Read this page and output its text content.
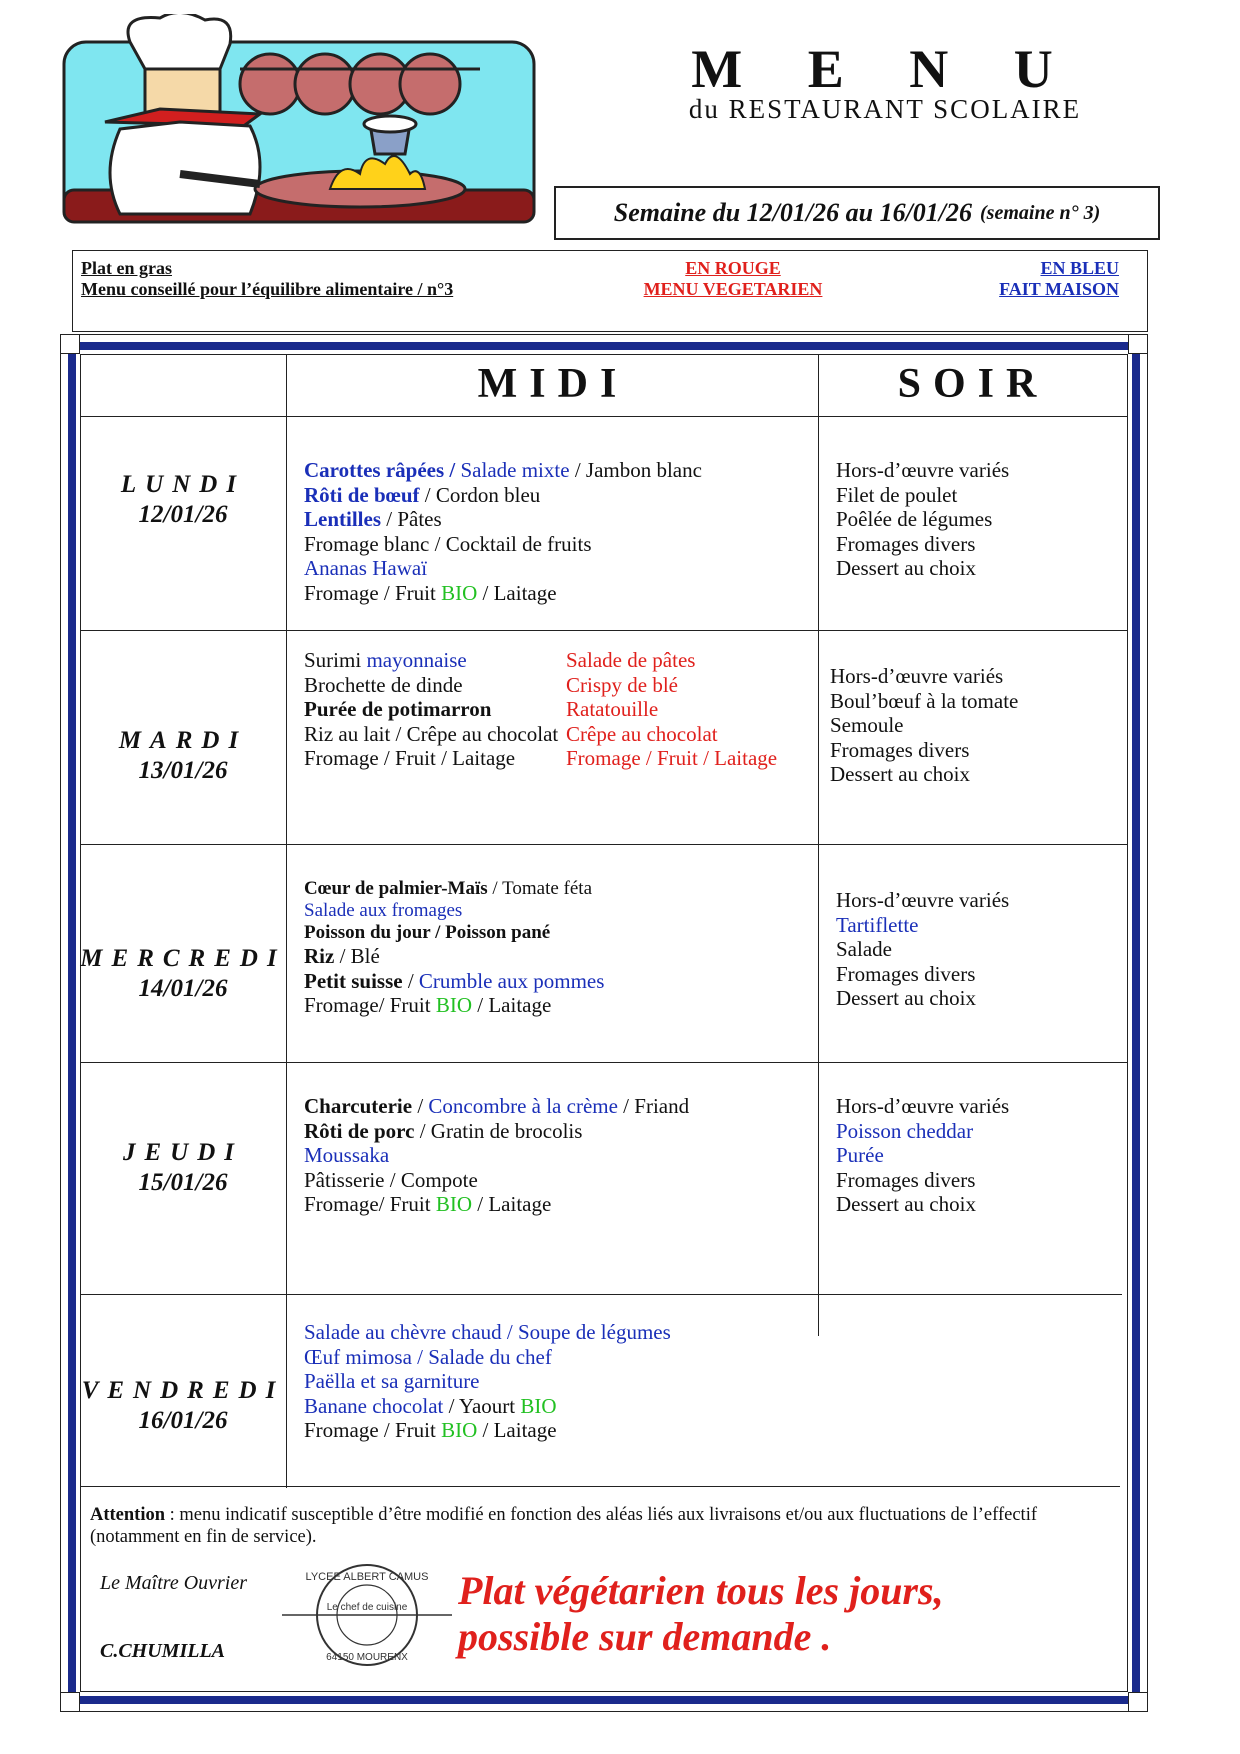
M E N U
du RESTAURANT SCOLAIRE
Semaine du 12/01/26 au 16/01/26 (semaine n° 3)
Plat en gras
Menu conseillé pour l’équilibre alimentaire / n°3
EN ROUGE
MENU VEGETARIEN
EN BLEU
FAIT MAISON
MIDI	SOIR
LUNDI
12/01/26
MARDI
13/01/26
MERCREDI
14/01/26
JEUDI
15/01/26
VENDREDI
16/01/26
Carottes râpées / Salade mixte / Jambon blanc
Rôti de bœuf / Cordon bleu
Lentilles / Pâtes
Fromage blanc / Cocktail de fruits
Ananas Hawaï
Fromage / Fruit BIO / Laitage
Hors-d’œuvre variés
Filet de poulet
Poêlée de légumes
Fromages divers
Dessert au choix
Surimi mayonnaise
Brochette de dinde
Purée de potimarron
Riz au lait / Crêpe au chocolat
Fromage / Fruit / Laitage
Salade de pâtes
Crispy de blé
Ratatouille
Crêpe au chocolat
Fromage / Fruit / Laitage
Hors-d’œuvre variés
Boul’bœuf à la tomate
Semoule
Fromages divers
Dessert au choix
Cœur de palmier-Maïs / Tomate féta
Salade aux fromages
Poisson du jour / Poisson pané
Riz / Blé
Petit suisse / Crumble aux pommes
Fromage/ Fruit BIO / Laitage
Hors-d’œuvre variés
Tartiflette
Salade
Fromages divers
Dessert au choix
Charcuterie / Concombre à la crème / Friand
Rôti de porc / Gratin de brocolis
Moussaka
Pâtisserie / Compote
Fromage/ Fruit BIO / Laitage
Hors-d’œuvre variés
Poisson cheddar
Purée
Fromages divers
Dessert au choix
Salade au chèvre chaud / Soupe de légumes
Œuf mimosa / Salade du chef
Paëlla et sa garniture
Banane chocolat / Yaourt BIO
Fromage / Fruit BIO / Laitage
Attention : menu indicatif susceptible d’être modifié en fonction des aléas liés aux livraisons et/ou aux fluctuations de l’effectif (notamment en fin de service).
Le Maître Ouvrier
C.CHUMILLA
LYCEE ALBERT CAMUS
Le chef de cuisine
64150 MOURENX
Plat végétarien tous les jours,
possible sur demande .
